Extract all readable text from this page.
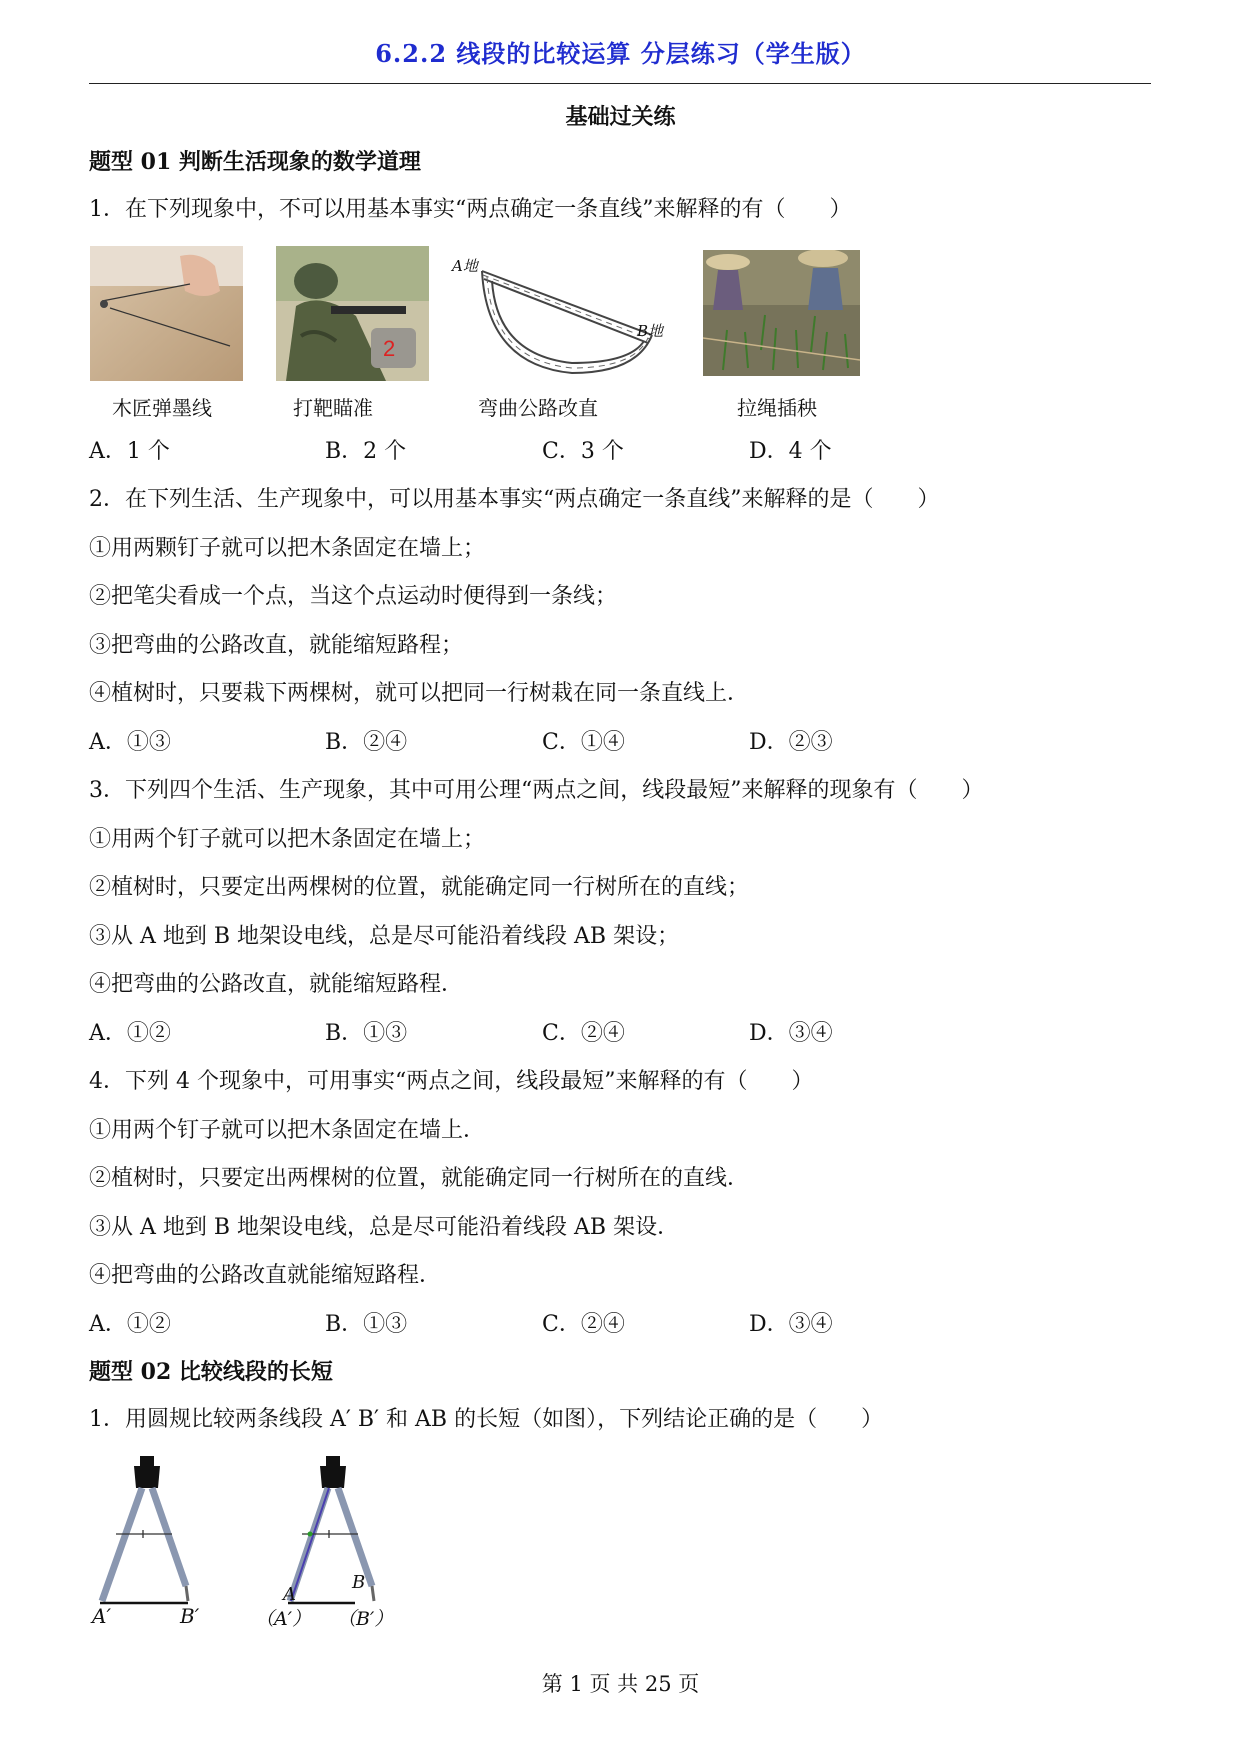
6.2.2 线段的比较运算 分层练习（学生版）
基础过关练
题型 01 判断生活现象的数学道理
1．在下列现象中，不可以用基本事实“两点确定一条直线”来解释的有（　　）
2
A地
B地
木匠弹墨线	打靶瞄准	弯曲公路改直	拉绳插秧
A．1 个	B．2 个	C．3 个	D．4 个
2．在下列生活、生产现象中，可以用基本事实“两点确定一条直线”来解释的是（　　）
①用两颗钉子就可以把木条固定在墙上；
②把笔尖看成一个点，当这个点运动时便得到一条线；
③把弯曲的公路改直，就能缩短路程；
④植树时，只要栽下两棵树，就可以把同一行树栽在同一条直线上．
A．①③	B．②④	C．①④	D．②③
3．下列四个生活、生产现象，其中可用公理“两点之间，线段最短”来解释的现象有（　　）
①用两个钉子就可以把木条固定在墙上；
②植树时，只要定出两棵树的位置，就能确定同一行树所在的直线；
③从 A 地到 B 地架设电线，总是尽可能沿着线段 AB 架设；
④把弯曲的公路改直，就能缩短路程．
A．①②	B．①③	C．②④	D．③④
4．下列 4 个现象中，可用事实“两点之间，线段最短”来解释的有（　　）
①用两个钉子就可以把木条固定在墙上．
②植树时，只要定出两棵树的位置，就能确定同一行树所在的直线．
③从 A 地到 B 地架设电线，总是尽可能沿着线段 AB 架设．
④把弯曲的公路改直就能缩短路程．
A．①②	B．①③	C．②④	D．③④
题型 02 比较线段的长短
1．用圆规比较两条线段 A′ B′ 和 AB 的长短（如图），下列结论正确的是（　　）
A′	B′
A
B
（A′） （B′）
第 1 页 共 25 页
